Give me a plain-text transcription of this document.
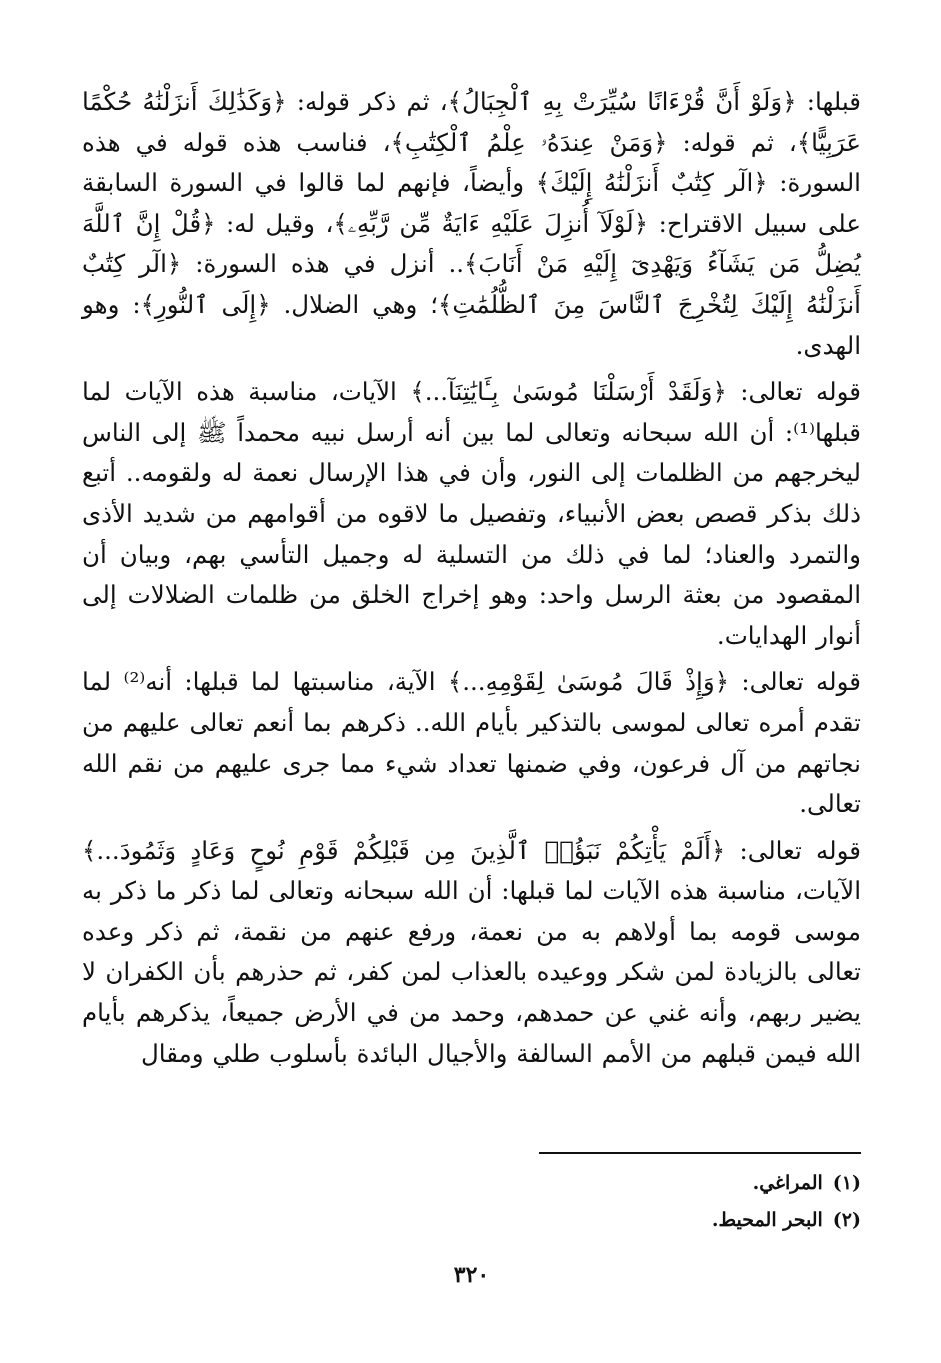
قبلها: ﴿وَلَوْ أَنَّ قُرْءَانًا سُيِّرَتْ بِهِ ٱلْجِبَالُ﴾، ثم ذكر قوله: ﴿وَكَذَٰلِكَ أَنزَلْنَٰهُ حُكْمًا عَرَبِيًّا﴾، ثم قوله: ﴿وَمَنْ عِندَهُۥ عِلْمُ ٱلْكِتَٰبِ﴾، فناسب هذه قوله في هذه السورة: ﴿الٓر كِتَٰبٌ أَنزَلْنَٰهُ إِلَيْكَ﴾ وأيضاً، فإنهم لما قالوا في السورة السابقة على سبيل الاقتراح: ﴿لَوْلَآ أُنزِلَ عَلَيْهِ ءَايَةٌ مِّن رَّبِّهِۦ﴾، وقيل له: ﴿قُلْ إِنَّ ٱللَّهَ يُضِلُّ مَن يَشَآءُ وَيَهْدِىٓ إِلَيْهِ مَنْ أَنَابَ﴾.. أنزل في هذه السورة: ﴿الٓر كِتَٰبٌ أَنزَلْنَٰهُ إِلَيْكَ لِتُخْرِجَ ٱلنَّاسَ مِنَ ٱلظُّلُمَٰتِ﴾؛ وهي الضلال. ﴿إِلَى ٱلنُّورِ﴾: وهو الهدى.

قوله تعالى: ﴿وَلَقَدْ أَرْسَلْنَا مُوسَىٰ بِـَٔايَٰتِنَآ...﴾ الآيات، مناسبة هذه الآيات لما قبلها⁽¹⁾: أن الله سبحانه وتعالى لما بين أنه أرسل نبيه محمداً ﷺ إلى الناس ليخرجهم من الظلمات إلى النور، وأن في هذا الإرسال نعمة له ولقومه.. أتبع ذلك بذكر قصص بعض الأنبياء، وتفصيل ما لاقوه من أقوامهم من شديد الأذى والتمرد والعناد؛ لما في ذلك من التسلية له وجميل التأسي بهم، وبيان أن المقصود من بعثة الرسل واحد: وهو إخراج الخلق من ظلمات الضلالات إلى أنوار الهدايات.

قوله تعالى: ﴿وَإِذْ قَالَ مُوسَىٰ لِقَوْمِهِ...﴾ الآية، مناسبتها لما قبلها: أنه⁽²⁾ لما تقدم أمره تعالى لموسى بالتذكير بأيام الله.. ذكرهم بما أنعم تعالى عليهم من نجاتهم من آل فرعون، وفي ضمنها تعداد شيء مما جرى عليهم من نقم الله تعالى.

قوله تعالى: ﴿أَلَمْ يَأْتِكُمْ نَبَؤُا۟ ٱلَّذِينَ مِن قَبْلِكُمْ قَوْمِ نُوحٍ وَعَادٍ وَثَمُودَ...﴾ الآيات، مناسبة هذه الآيات لما قبلها: أن الله سبحانه وتعالى لما ذكر ما ذكر به موسى قومه بما أولاهم به من نعمة، ورفع عنهم من نقمة، ثم ذكر وعده تعالى بالزيادة لمن شكر ووعيده بالعذاب لمن كفر، ثم حذرهم بأن الكفران لا يضير ربهم، وأنه غني عن حمدهم، وحمد من في الأرض جميعاً، يذكرهم بأيام الله فيمن قبلهم من الأمم السالفة والأجيال البائدة بأسلوب طلي ومقال

(١)المراغي.

(٢)البحر المحيط.

٣٢٠
